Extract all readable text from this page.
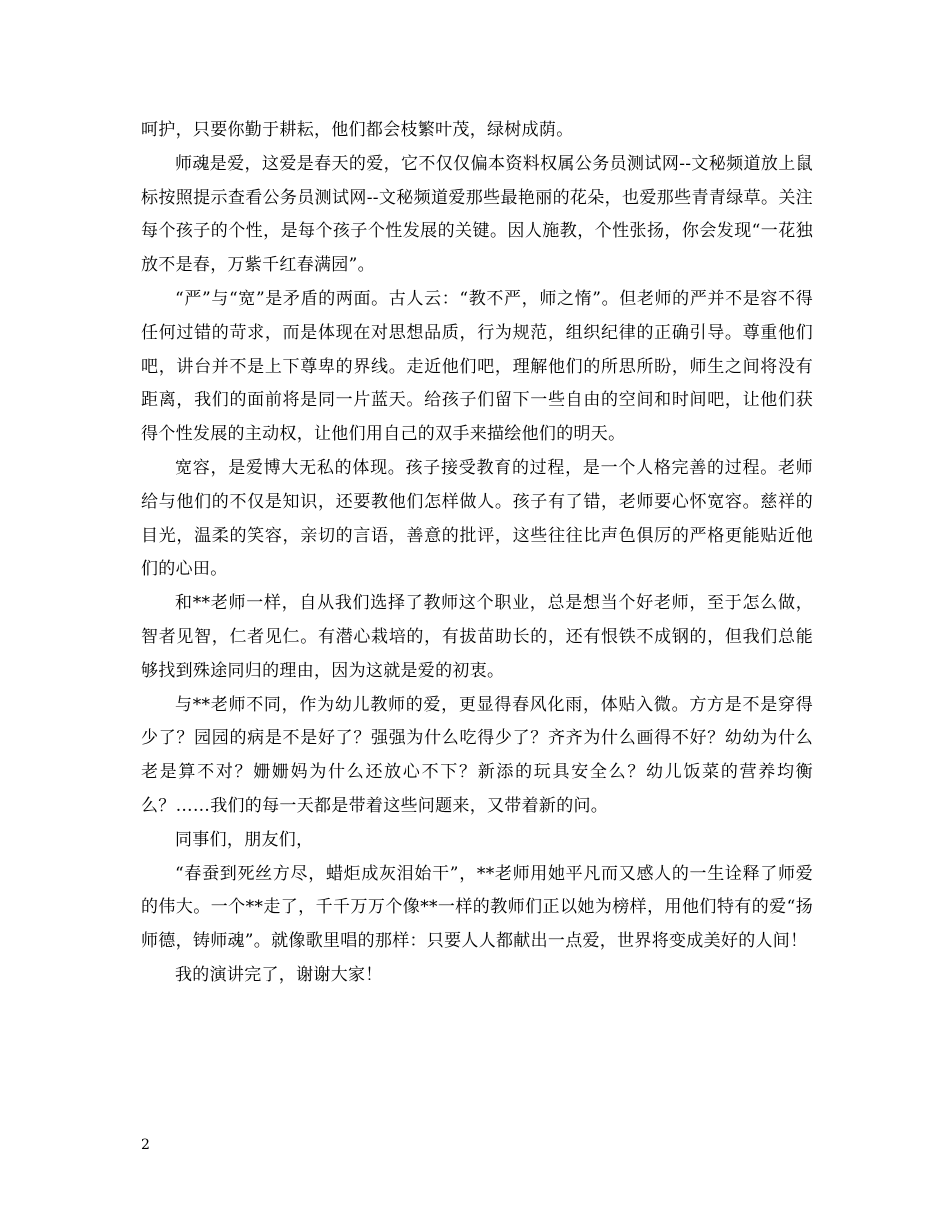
呵护，只要你勤于耕耘，他们都会枝繁叶茂，绿树成荫。

师魂是爱，这爱是春天的爱，它不仅仅偏本资料权属公务员测试网--文秘频道放上鼠标按照提示查看公务员测试网--文秘频道爱那些最艳丽的花朵，也爱那些青青绿草。关注每个孩子的个性，是每个孩子个性发展的关键。因人施教，个性张扬，你会发现“一花独放不是春，万紫千红春满园”。

“严”与“宽”是矛盾的两面。古人云：“教不严，师之惰”。但老师的严并不是容不得任何过错的苛求，而是体现在对思想品质，行为规范，组织纪律的正确引导。尊重他们吧，讲台并不是上下尊卑的界线。走近他们吧，理解他们的所思所盼，师生之间将没有距离，我们的面前将是同一片蓝天。给孩子们留下一些自由的空间和时间吧，让他们获得个性发展的主动权，让他们用自己的双手来描绘他们的明天。

宽容，是爱博大无私的体现。孩子接受教育的过程，是一个人格完善的过程。老师给与他们的不仅是知识，还要教他们怎样做人。孩子有了错，老师要心怀宽容。慈祥的目光，温柔的笑容，亲切的言语，善意的批评，这些往往比声色俱厉的严格更能贴近他们的心田。

和**老师一样，自从我们选择了教师这个职业，总是想当个好老师，至于怎么做，智者见智，仁者见仁。有潜心栽培的，有拔苗助长的，还有恨铁不成钢的，但我们总能够找到殊途同归的理由，因为这就是爱的初衷。

与**老师不同，作为幼儿教师的爱，更显得春风化雨，体贴入微。方方是不是穿得少了？园园的病是不是好了？强强为什么吃得少了？齐齐为什么画得不好？幼幼为什么老是算不对？姗姗妈为什么还放心不下？新添的玩具安全么？幼儿饭菜的营养均衡么？……我们的每一天都是带着这些问题来，又带着新的问。

同事们，朋友们，

“春蚕到死丝方尽，蜡炬成灰泪始干”，**老师用她平凡而又感人的一生诠释了师爱的伟大。一个**走了，千千万万个像**一样的教师们正以她为榜样，用他们特有的爱“扬师德，铸师魂”。就像歌里唱的那样：只要人人都献出一点爱，世界将变成美好的人间！

我的演讲完了，谢谢大家！

2
